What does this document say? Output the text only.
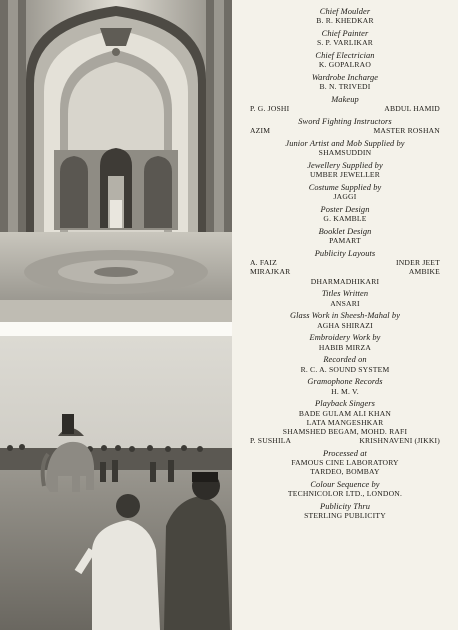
Chief Moulder
B. R. KHEDKAR
Chief Painter
S. P. VARLIKAR
Chief Electrician
K. GOPALRAO
Wardrobe Incharge
B. N. TRIVEDI
Makeup
P. G. JOSHI	ABDUL HAMID
Sword Fighting Instructors
AZIM	MASTER ROSHAN
Junior Artist and Mob Supplied by
SHAMSUDDIN
Jewellery Supplied by
UMBER JEWELLER
Costume Supplied by
JAGGI
Poster Design
G. KAMBLE
Booklet Design
PAMART
Publicity Layouts
A. FAIZ	INDER JEET
MIRAJKAR	AMBIKE
DHARMADHIKARI
Titles Written
ANSARI
Glass Work in Sheesh-Mahal by
AGHA SHIRAZI
Embroidery Work by
HABIB MIRZA
Recorded on
R. C. A. SOUND SYSTEM
Gramophone Records
H. M. V.
Playback Singers
BADE GULAM ALI KHAN
LATA MANGESHKAR
SHAMSHED BEGAM, MOHD. RAFI
P. SUSHILA	KRISHNAVENI (JIKKI)
Processed at
FAMOUS CINE LABORATORY
TARDEO, BOMBAY
Colour Sequence by
TECHNICOLOR LTD., LONDON.
Publicity Thru
STERLING PUBLICITY
